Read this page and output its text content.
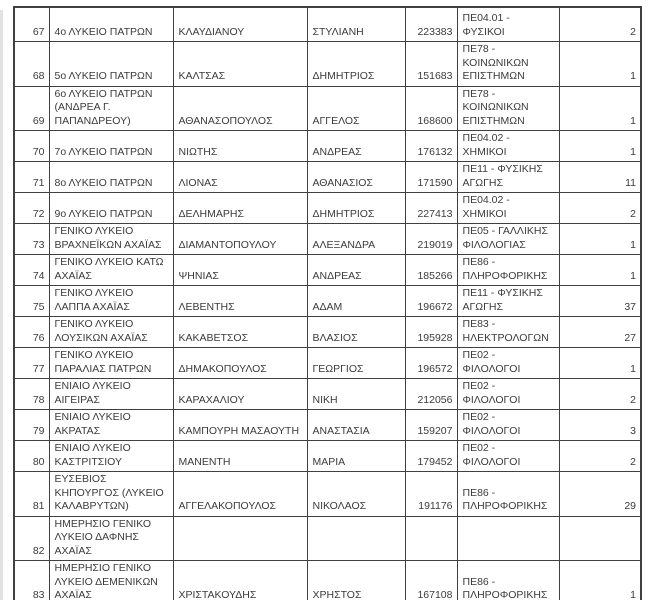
67	4ο ΛΥΚΕΙΟ ΠΑΤΡΩΝ	ΚΛΑΥΔΙΑΝΟΥ	ΣΤΥΛΙΑΝΗ	223383	ΠΕ04.01 - ΦΥΣΙΚΟΙ	2
68	5ο ΛΥΚΕΙΟ ΠΑΤΡΩΝ	ΚΑΛΤΣΑΣ	ΔΗΜΗΤΡΙΟΣ	151683	ΠΕ78 - ΚΟΙΝΩΝΙΚΩΝ ΕΠΙΣΤΗΜΩΝ	1
69	6ο ΛΥΚΕΙΟ ΠΑΤΡΩΝ (ΑΝΔΡΕΑ Γ. ΠΑΠΑΝΔΡΕΟΥ)	ΑΘΑΝΑΣΟΠΟΥΛΟΣ	ΑΓΓΕΛΟΣ	168600	ΠΕ78 - ΚΟΙΝΩΝΙΚΩΝ ΕΠΙΣΤΗΜΩΝ	1
70	7ο ΛΥΚΕΙΟ ΠΑΤΡΩΝ	ΝΙΩΤΗΣ	ΑΝΔΡΕΑΣ	176132	ΠΕ04.02 - ΧΗΜΙΚΟΙ	1
71	8ο ΛΥΚΕΙΟ ΠΑΤΡΩΝ	ΛΙΟΝΑΣ	ΑΘΑΝΑΣΙΟΣ	171590	ΠΕ11 - ΦΥΣΙΚΗΣ ΑΓΩΓΗΣ	11
72	9ο ΛΥΚΕΙΟ ΠΑΤΡΩΝ	ΔΕΛΗΜΑΡΗΣ	ΔΗΜΗΤΡΙΟΣ	227413	ΠΕ04.02 - ΧΗΜΙΚΟΙ	2
73	ΓΕΝΙΚΟ ΛΥΚΕΙΟ ΒΡΑΧΝΕΪΚΩΝ ΑΧΑΪΑΣ	ΔΙΑΜΑΝΤΟΠΟΥΛΟΥ	ΑΛΕΞΑΝΔΡΑ	219019	ΠΕ05 - ΓΑΛΛΙΚΗΣ ΦΙΛΟΛΟΓΙΑΣ	1
74	ΓΕΝΙΚΟ ΛΥΚΕΙΟ ΚΑΤΩ ΑΧΑΪΑΣ	ΨΗΝΙΑΣ	ΑΝΔΡΕΑΣ	185266	ΠΕ86 - ΠΛΗΡΟΦΟΡΙΚΗΣ	1
75	ΓΕΝΙΚΟ ΛΥΚΕΙΟ ΛΑΠΠΑ ΑΧΑΪΑΣ	ΛΕΒΕΝΤΗΣ	ΑΔΑΜ	196672	ΠΕ11 - ΦΥΣΙΚΗΣ ΑΓΩΓΗΣ	37
76	ΓΕΝΙΚΟ ΛΥΚΕΙΟ ΛΟΥΣΙΚΩΝ ΑΧΑΪΑΣ	ΚΑΚΑΒΕΤΣΟΣ	ΒΛΑΣΙΟΣ	195928	ΠΕ83 - ΗΛΕΚΤΡΟΛΟΓΩΝ	27
77	ΓΕΝΙΚΟ ΛΥΚΕΙΟ ΠΑΡΑΛΙΑΣ ΠΑΤΡΩΝ	ΔΗΜΑΚΟΠΟΥΛΟΣ	ΓΕΩΡΓΙΟΣ	196572	ΠΕ02 - ΦΙΛΟΛΟΓΟΙ	1
78	ΕΝΙΑΙΟ ΛΥΚΕΙΟ ΑΙΓΕΙΡΑΣ	ΚΑΡΑΧΑΛΙΟΥ	ΝΙΚΗ	212056	ΠΕ02 - ΦΙΛΟΛΟΓΟΙ	2
79	ΕΝΙΑΙΟ ΛΥΚΕΙΟ ΑΚΡΑΤΑΣ	ΚΑΜΠΟΥΡΗ ΜΑΣΑΟΥΤΗ	ΑΝΑΣΤΑΣΙΑ	159207	ΠΕ02 - ΦΙΛΟΛΟΓΟΙ	3
80	ΕΝΙΑΙΟ ΛΥΚΕΙΟ ΚΑΣΤΡΙΤΣΙΟΥ	ΜΑΝΕΝΤΗ	ΜΑΡΙΑ	179452	ΠΕ02 - ΦΙΛΟΛΟΓΟΙ	2
81	ΕΥΣΕΒΙΟΣ ΚΗΠΟΥΡΓΟΣ (ΛΥΚΕΙΟ ΚΑΛΑΒΡΥΤΩΝ)	ΑΓΓΕΛΑΚΟΠΟΥΛΟΣ	ΝΙΚΟΛΑΟΣ	191176	ΠΕ86 - ΠΛΗΡΟΦΟΡΙΚΗΣ	29
82	ΗΜΕΡΗΣΙΟ ΓΕΝΙΚΟ ΛΥΚΕΙΟ ΔΑΦΝΗΣ ΑΧΑΪΑΣ					
83	ΗΜΕΡΗΣΙΟ ΓΕΝΙΚΟ ΛΥΚΕΙΟ ΔΕΜΕΝΙΚΩΝ ΑΧΑΪΑΣ	ΧΡΙΣΤΑΚΟΥΔΗΣ	ΧΡΗΣΤΟΣ	167108	ΠΕ86 - ΠΛΗΡΟΦΟΡΙΚΗΣ	1
